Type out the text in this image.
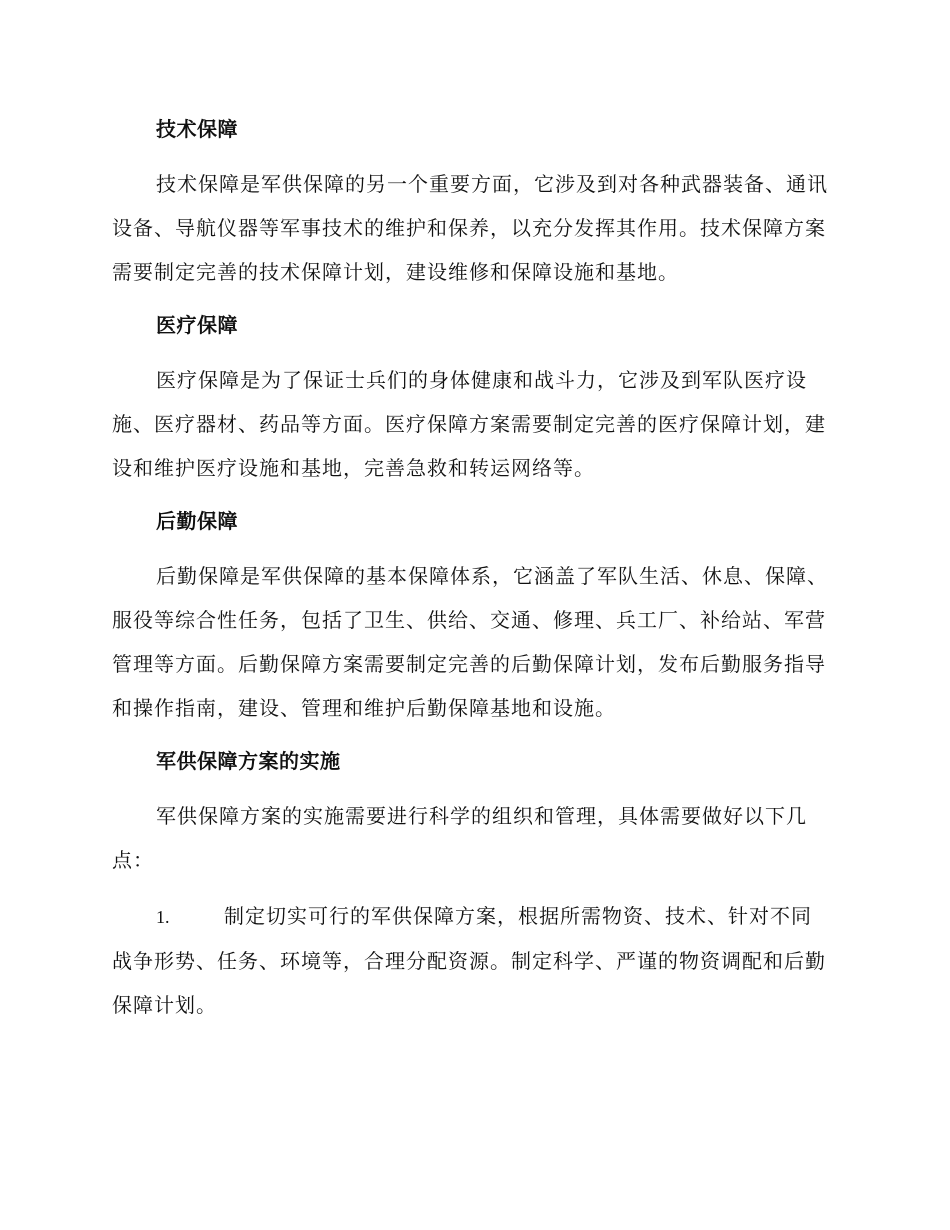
技术保障

技术保障是军供保障的另一个重要方面，它涉及到对各种武器装备、通讯设备、导航仪器等军事技术的维护和保养，以充分发挥其作用。技术保障方案需要制定完善的技术保障计划，建设维修和保障设施和基地。

医疗保障

医疗保障是为了保证士兵们的身体健康和战斗力，它涉及到军队医疗设施、医疗器材、药品等方面。医疗保障方案需要制定完善的医疗保障计划，建设和维护医疗设施和基地，完善急救和转运网络等。

后勤保障

后勤保障是军供保障的基本保障体系，它涵盖了军队生活、休息、保障、服役等综合性任务，包括了卫生、供给、交通、修理、兵工厂、补给站、军营管理等方面。后勤保障方案需要制定完善的后勤保障计划，发布后勤服务指导和操作指南，建设、管理和维护后勤保障基地和设施。

军供保障方案的实施

军供保障方案的实施需要进行科学的组织和管理，具体需要做好以下几点：

1.	制定切实可行的军供保障方案，根据所需物资、技术、针对不同战争形势、任务、环境等，合理分配资源。制定科学、严谨的物资调配和后勤保障计划。
